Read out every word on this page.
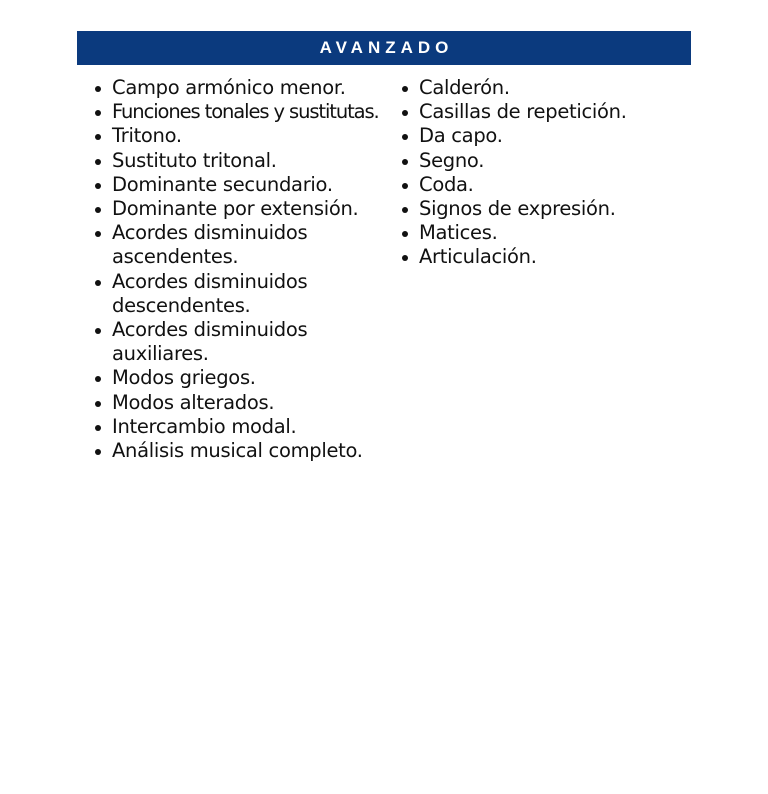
AVANZADO
Campo armónico menor.
Funciones tonales y sustitutas.
Tritono.
Sustituto tritonal.
Dominante secundario.
Dominante por extensión.
Acordes disminuidos
ascendentes.
Acordes disminuidos
descendentes.
Acordes disminuidos
auxiliares.
Modos griegos.
Modos alterados.
Intercambio modal.
Análisis musical completo.
Calderón.
Casillas de repetición.
Da capo.
Segno.
Coda.
Signos de expresión.
Matices.
Articulación.
